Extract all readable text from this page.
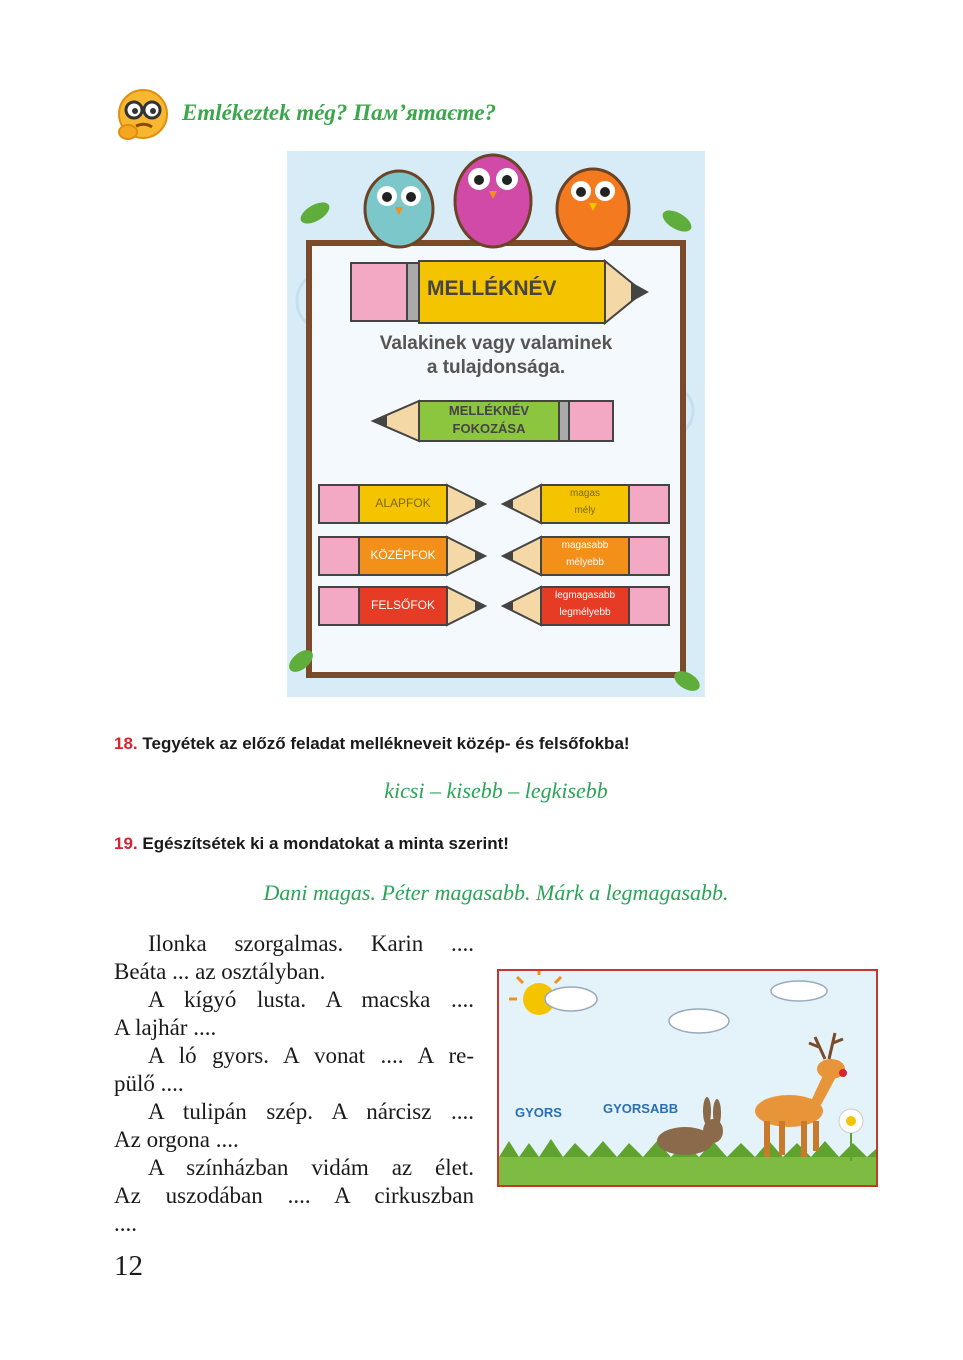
Emlékeztek még? Пам’ятаєте?
MELLÉKNÉV
Valakinek vagy valaminek
a tulajdonsága.
MELLÉKNÉV
FOKOZÁSA
ALAPFOK
KÖZÉPFOK
FELSŐFOK
magas
mély
magasabb
mélyebb
legmagasabb
legmélyebb
18. Tegyétek az előző feladat mellékneveit közép- és felsőfokba!
kicsi – kisebb – legkisebb
19. Egészítsétek ki a mondatokat a minta szerint!
Dani magas. Péter magasabb. Márk a legmagasabb.

Ilonka szorgalmas. Karin ....

Beáta ... az osztályban.

A kígyó lusta. A macska ....

A lajhár ....

A ló gyors. A vonat .... A re-

pülő ....

A tulipán szép. A nárcisz ....

Az orgona ....

A színházban vidám az élet.

Az uszodában .... A cirkuszban

....

GYORS	GYORSABB
12
